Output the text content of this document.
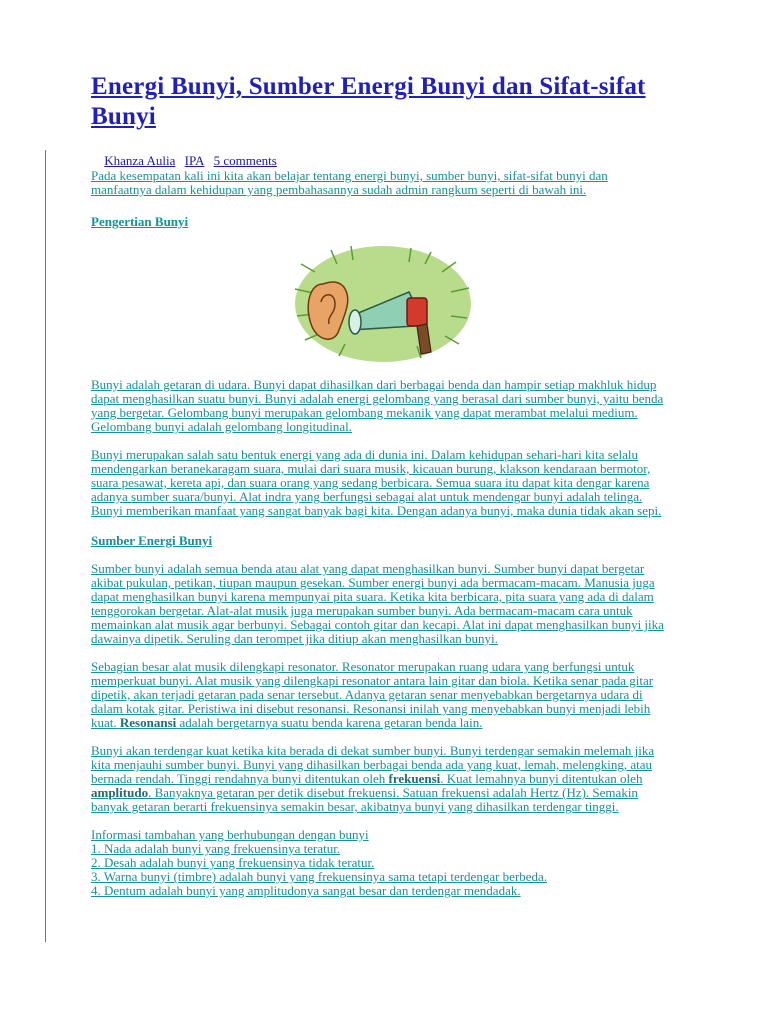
Energi Bunyi, Sumber Energi Bunyi dan Sifat-sifat Bunyi
Khanza Aulia IPA 5 comments

Pada kesempatan kali ini kita akan belajar tentang energi bunyi, sumber bunyi, sifat-sifat bunyi dan manfaatnya dalam kehidupan yang pembahasannya sudah admin rangkum seperti di bawah ini.

Pengertian Bunyi

Bunyi adalah getaran di udara. Bunyi dapat dihasilkan dari berbagai benda dan hampir setiap makhluk hidup dapat menghasilkan suatu bunyi. Bunyi adalah energi gelombang yang berasal dari sumber bunyi, yaitu benda yang bergetar. Gelombang bunyi merupakan gelombang mekanik yang dapat merambat melalui medium. Gelombang bunyi adalah gelombang longitudinal.

Bunyi merupakan salah satu bentuk energi yang ada di dunia ini. Dalam kehidupan sehari-hari kita selalu mendengarkan beranekaragam suara, mulai dari suara musik, kicauan burung, klakson kendaraan bermotor, suara pesawat, kereta api, dan suara orang yang sedang berbicara. Semua suara itu dapat kita dengar karena adanya sumber suara/bunyi. Alat indra yang berfungsi sebagai alat untuk mendengar bunyi adalah telinga. Bunyi memberikan manfaat yang sangat banyak bagi kita. Dengan adanya bunyi, maka dunia tidak akan sepi.

Sumber Energi Bunyi

Sumber bunyi adalah semua benda atau alat yang dapat menghasilkan bunyi. Sumber bunyi dapat bergetar akibat pukulan, petikan, tiupan maupun gesekan. Sumber energi bunyi ada bermacam-macam. Manusia juga dapat menghasilkan bunyi karena mempunyai pita suara. Ketika kita berbicara, pita suara yang ada di dalam tenggorokan bergetar. Alat-alat musik juga merupakan sumber bunyi. Ada bermacam-macam cara untuk memainkan alat musik agar berbunyi. Sebagai contoh gitar dan kecapi. Alat ini dapat menghasilkan bunyi jika dawainya dipetik. Seruling dan terompet jika ditiup akan menghasilkan bunyi.

Sebagian besar alat musik dilengkapi resonator. Resonator merupakan ruang udara yang berfungsi untuk memperkuat bunyi. Alat musik yang dilengkapi resonator antara lain gitar dan biola. Ketika senar pada gitar dipetik, akan terjadi getaran pada senar tersebut. Adanya getaran senar menyebabkan bergetarnya udara di dalam kotak gitar. Peristiwa ini disebut resonansi. Resonansi inilah yang menyebabkan bunyi menjadi lebih kuat. Resonansi adalah bergetarnya suatu benda karena getaran benda lain.

Bunyi akan terdengar kuat ketika kita berada di dekat sumber bunyi. Bunyi terdengar semakin melemah jika kita menjauhi sumber bunyi. Bunyi yang dihasilkan berbagai benda ada yang kuat, lemah, melengking, atau bernada rendah. Tinggi rendahnya bunyi ditentukan oleh frekuensi. Kuat lemahnya bunyi ditentukan oleh amplitudo. Banyaknya getaran per detik disebut frekuensi. Satuan frekuensi adalah Hertz (Hz). Semakin banyak getaran berarti frekuensinya semakin besar, akibatnya bunyi yang dihasilkan terdengar tinggi.

Informasi tambahan yang berhubungan dengan bunyi

1. Nada adalah bunyi yang frekuensinya teratur.

2. Desah adalah bunyi yang frekuensinya tidak teratur.

3. Warna bunyi (timbre) adalah bunyi yang frekuensinya sama tetapi terdengar berbeda.

4. Dentum adalah bunyi yang amplitudonya sangat besar dan terdengar mendadak.
